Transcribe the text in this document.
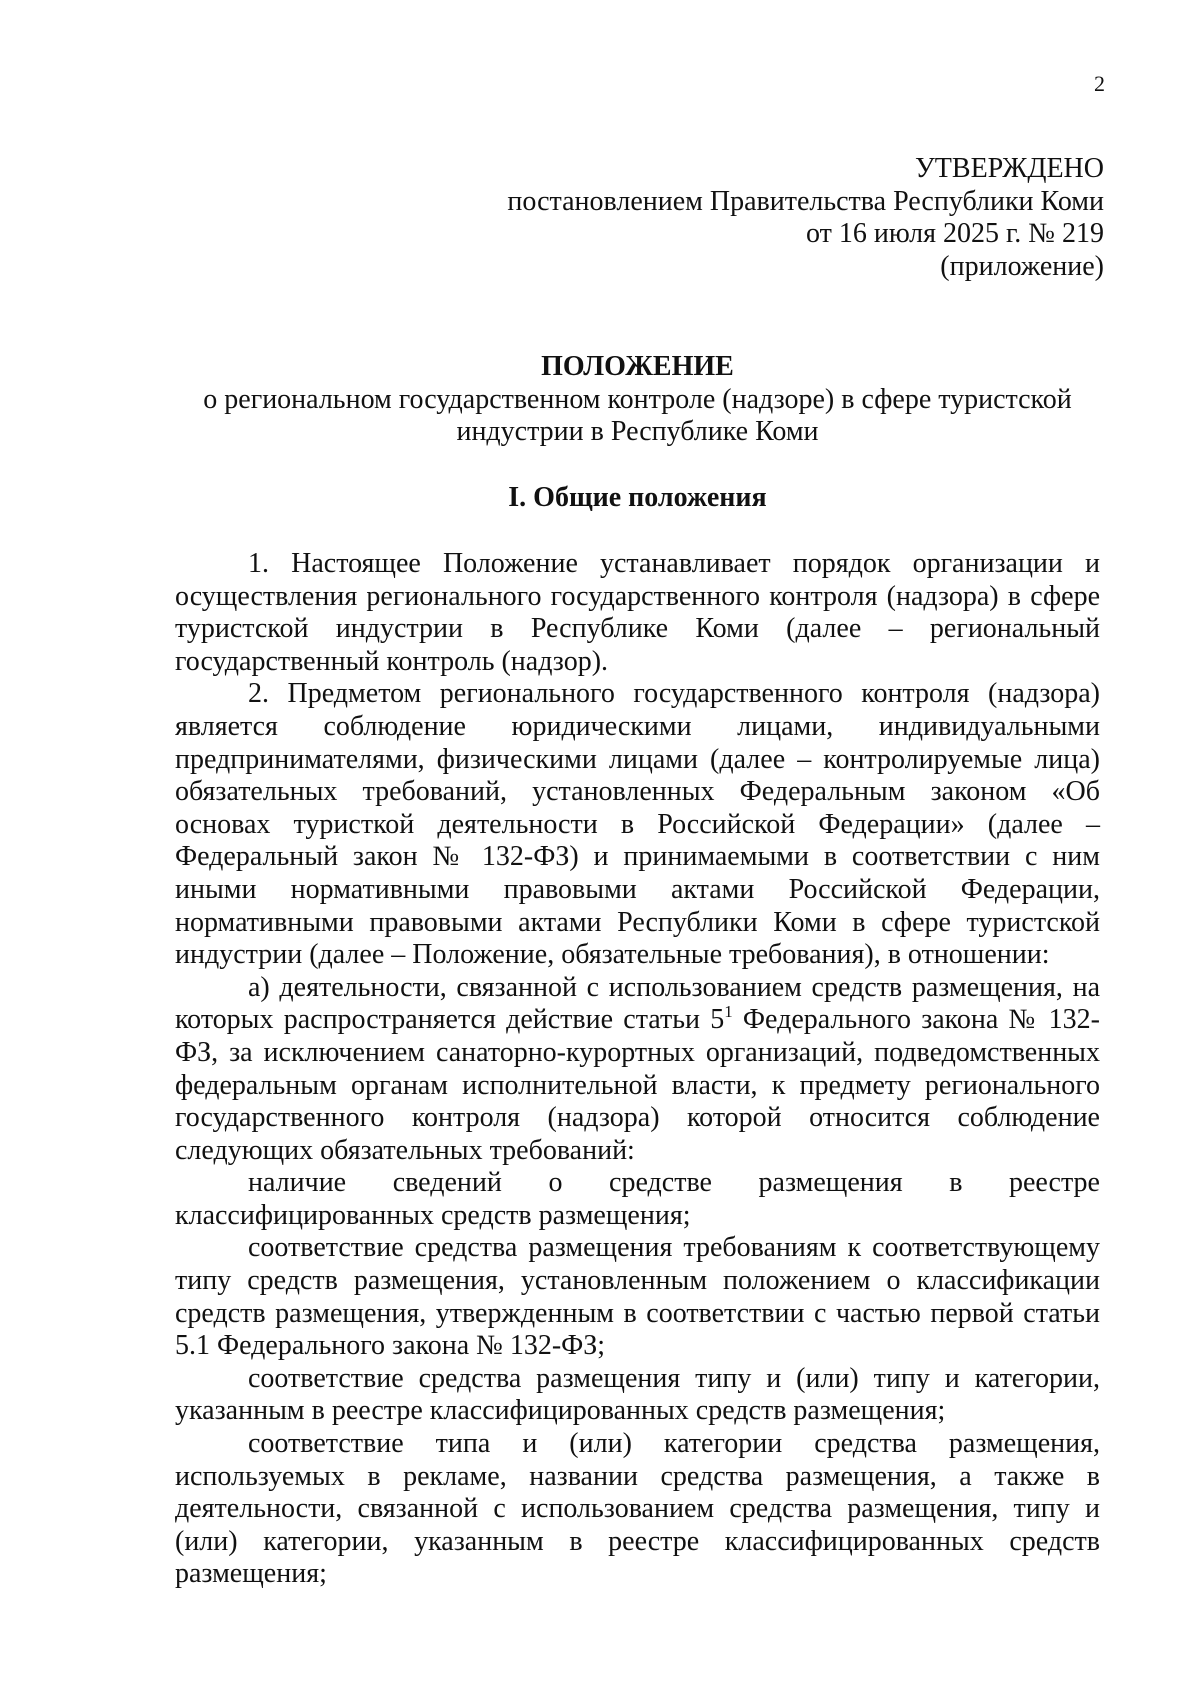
2
УТВЕРЖДЕНО
постановлением Правительства Республики Коми
от 16 июля 2025 г. № 219
(приложение)
ПОЛОЖЕНИЕ
о региональном государственном контроле (надзоре) в сфере туристской индустрии в Республике Коми
I. Общие положения

1. Настоящее Положение устанавливает порядок организации и осуществления регионального государственного контроля (надзора) в сфере туристской индустрии в Республике Коми (далее – региональный государственный контроль (надзор).

2. Предметом регионального государственного контроля (надзора) является соблюдение юридическими лицами, индивидуальными предпринимателями, физическими лицами (далее – контролируемые лица) обязательных требований, установленных Федеральным законом «Об основах туристкой деятельности в Российской Федерации» (далее – Федеральный закон № 132-ФЗ) и принимаемыми в соответствии с ним иными нормативными правовыми актами Российской Федерации, нормативными правовыми актами Республики Коми в сфере туристской индустрии (далее – Положение, обязательные требования), в отношении:

а) деятельности, связанной с использованием средств размещения, на которых распространяется действие статьи $5^1$ Федерального закона № 132-ФЗ, за исключением санаторно-курортных организаций, подведомственных федеральным органам исполнительной власти, к предмету регионального государственного контроля (надзора) которой относится соблюдение следующих обязательных требований:

наличие сведений о средстве размещения в реестре классифицированных средств размещения;

соответствие средства размещения требованиям к соответствующему типу средств размещения, установленным положением о классификации средств размещения, утвержденным в соответствии с частью первой статьи 5.1 Федерального закона № 132-ФЗ;

соответствие средства размещения типу и (или) типу и категории, указанным в реестре классифицированных средств размещения;

соответствие типа и (или) категории средства размещения, используемых в рекламе, названии средства размещения, а также в деятельности, связанной с использованием средства размещения, типу и (или) категории, указанным в реестре классифицированных средств размещения;
